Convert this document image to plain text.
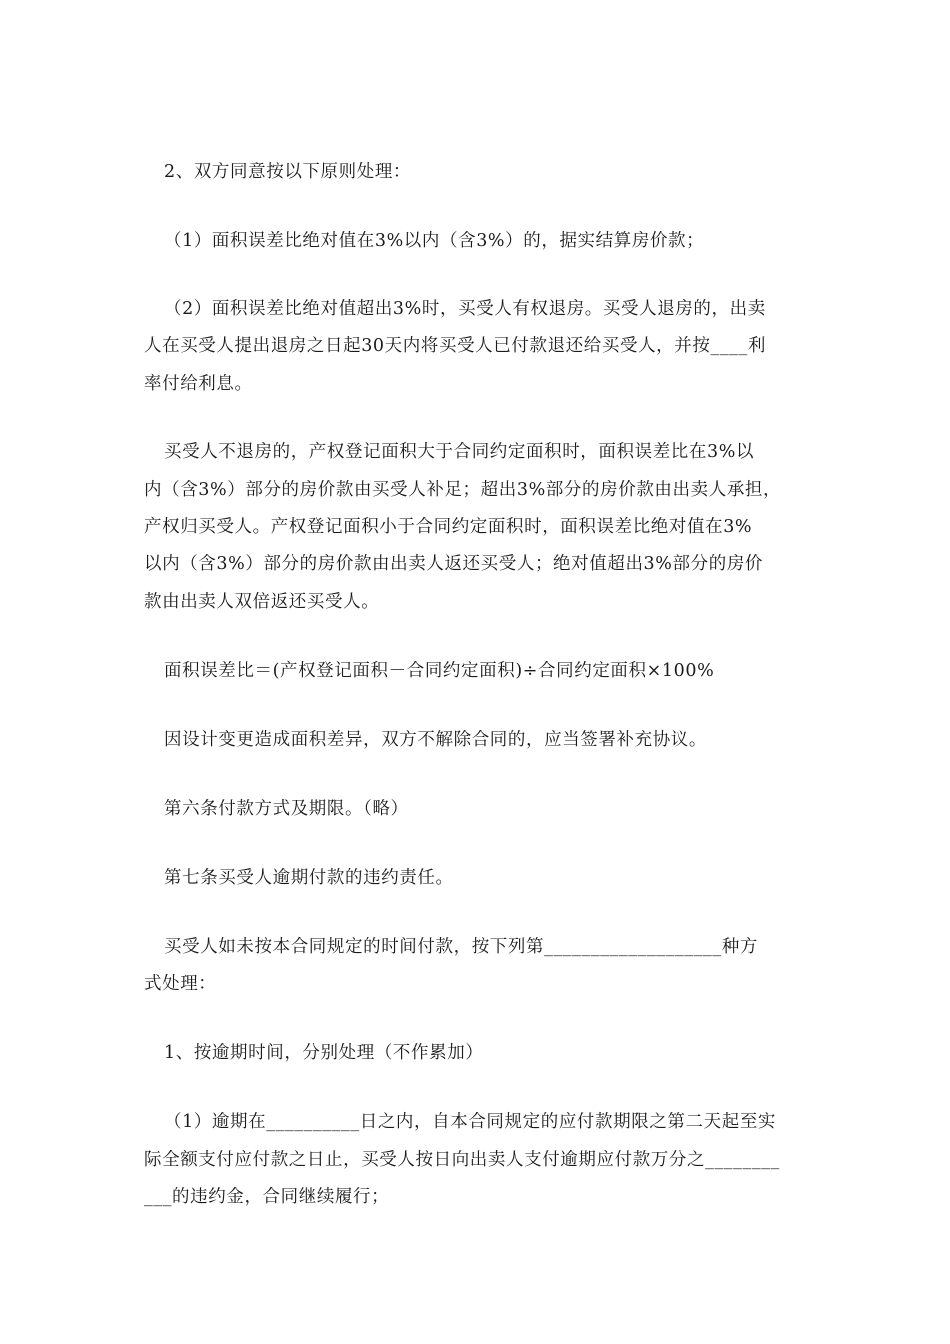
2、双方同意按以下原则处理：
（1）面积误差比绝对值在3%以内（含3%）的，据实结算房价款；
（2）面积误差比绝对值超出3%时，买受人有权退房。买受人退房的，出卖
人在买受人提出退房之日起30天内将买受人已付款退还给买受人，并按____利
率付给利息。
买受人不退房的，产权登记面积大于合同约定面积时，面积误差比在3%以
内（含3%）部分的房价款由买受人补足；超出3%部分的房价款由出卖人承担，
产权归买受人。产权登记面积小于合同约定面积时，面积误差比绝对值在3%
以内（含3%）部分的房价款由出卖人返还买受人；绝对值超出3%部分的房价
款由出卖人双倍返还买受人。
面积误差比＝(产权登记面积－合同约定面积)÷合同约定面积×100%
因设计变更造成面积差异，双方不解除合同的，应当签署补充协议。
第六条付款方式及期限。（略）
第七条买受人逾期付款的违约责任。
买受人如未按本合同规定的时间付款，按下列第___________________种方
式处理：
1、按逾期时间，分别处理（不作累加）
（1）逾期在__________日之内，自本合同规定的应付款期限之第二天起至实
际全额支付应付款之日止，买受人按日向出卖人支付逾期应付款万分之________
___的违约金，合同继续履行；
